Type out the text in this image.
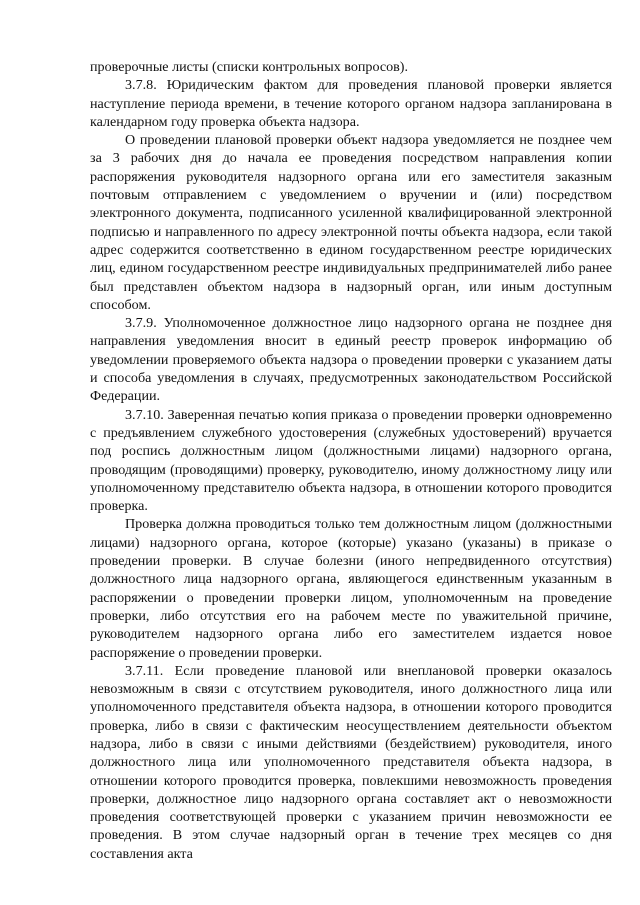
проверочные листы (списки контрольных вопросов).

3.7.8. Юридическим фактом для проведения плановой проверки является наступление периода времени, в течение которого органом надзора запланирована в календарном году проверка объекта надзора.

О проведении плановой проверки объект надзора уведомляется не позднее чем за 3 рабочих дня до начала ее проведения посредством направления копии распоряжения руководителя надзорного органа или его заместителя заказным почтовым отправлением с уведомлением о вручении и (или) посредством электронного документа, подписанного усиленной квалифицированной электронной подписью и направленного по адресу электронной почты объекта надзора, если такой адрес содержится соответственно в едином государственном реестре юридических лиц, едином государственном реестре индивидуальных предпринимателей либо ранее был представлен объектом надзора в надзорный орган, или иным доступным способом.

3.7.9. Уполномоченное должностное лицо надзорного органа не позднее дня направления уведомления вносит в единый реестр проверок информацию об уведомлении проверяемого объекта надзора о проведении проверки с указанием даты и способа уведомления в случаях, предусмотренных законодательством Российской Федерации.

3.7.10. Заверенная печатью копия приказа о проведении проверки одновременно с предъявлением служебного удостоверения (служебных удостоверений) вручается под роспись должностным лицом (должностными лицами) надзорного органа, проводящим (проводящими) проверку, руководителю, иному должностному лицу или уполномоченному представителю объекта надзора, в отношении которого проводится проверка.

Проверка должна проводиться только тем должностным лицом (должностными лицами) надзорного органа, которое (которые) указано (указаны) в приказе о проведении проверки. В случае болезни (иного непредвиденного отсутствия) должностного лица надзорного органа, являющегося единственным указанным в распоряжении о проведении проверки лицом, уполномоченным на проведение проверки, либо отсутствия его на рабочем месте по уважительной причине, руководителем надзорного органа либо его заместителем издается новое распоряжение о проведении проверки.

3.7.11. Если проведение плановой или внеплановой проверки оказалось невозможным в связи с отсутствием руководителя, иного должностного лица или уполномоченного представителя объекта надзора, в отношении которого проводится проверка, либо в связи с фактическим неосуществлением деятельности объектом надзора, либо в связи с иными действиями (бездействием) руководителя, иного должностного лица или уполномоченного представителя объекта надзора, в отношении которого проводится проверка, повлекшими невозможность проведения проверки, должностное лицо надзорного органа составляет акт о невозможности проведения соответствующей проверки с указанием причин невозможности ее проведения. В этом случае надзорный орган в течение трех месяцев со дня составления акта
